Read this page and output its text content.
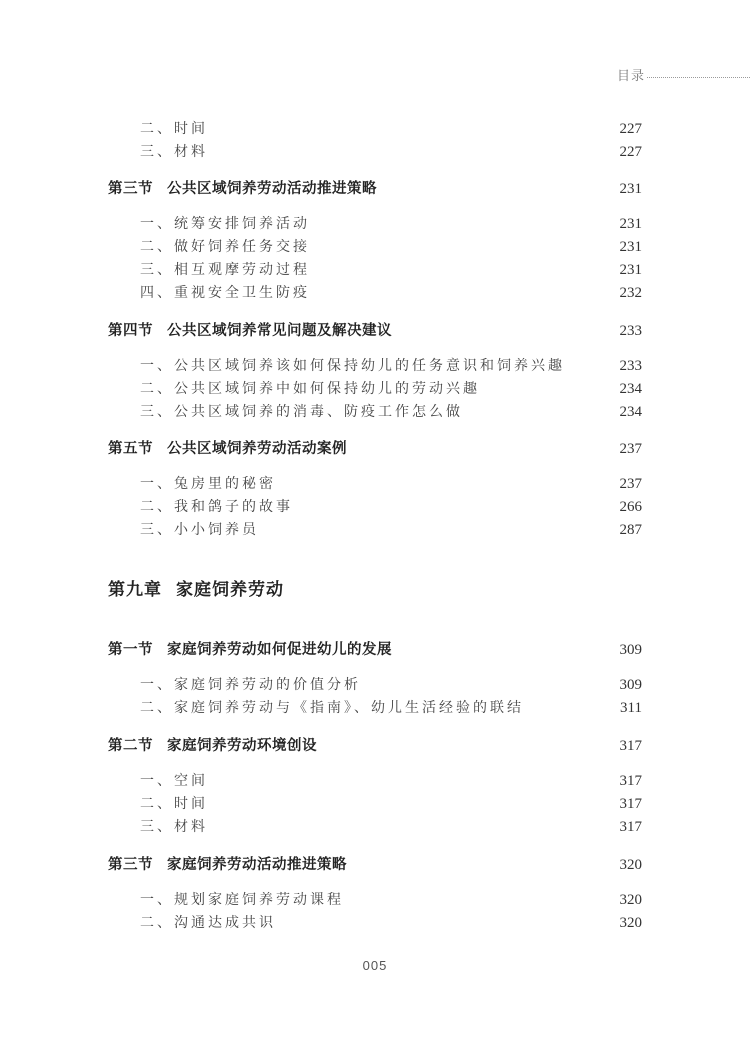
目录
二、时间	227
三、材料	227
第三节 公共区域饲养劳动活动推进策略	231
一、统筹安排饲养活动	231
二、做好饲养任务交接	231
三、相互观摩劳动过程	231
四、重视安全卫生防疫	232
第四节 公共区域饲养常见问题及解决建议	233
一、公共区域饲养该如何保持幼儿的任务意识和饲养兴趣	233
二、公共区域饲养中如何保持幼儿的劳动兴趣	234
三、公共区域饲养的消毒、防疫工作怎么做	234
第五节 公共区域饲养劳动活动案例	237
一、兔房里的秘密	237
二、我和鸽子的故事	266
三、小小饲养员	287
第一节 家庭饲养劳动如何促进幼儿的发展	309
一、家庭饲养劳动的价值分析	309
二、家庭饲养劳动与《指南》、幼儿生活经验的联结	311
第二节 家庭饲养劳动环境创设	317
一、空间	317
二、时间	317
三、材料	317
第三节 家庭饲养劳动活动推进策略	320
一、规划家庭饲养劳动课程	320
二、沟通达成共识	320
第九章 家庭饲养劳动
005
